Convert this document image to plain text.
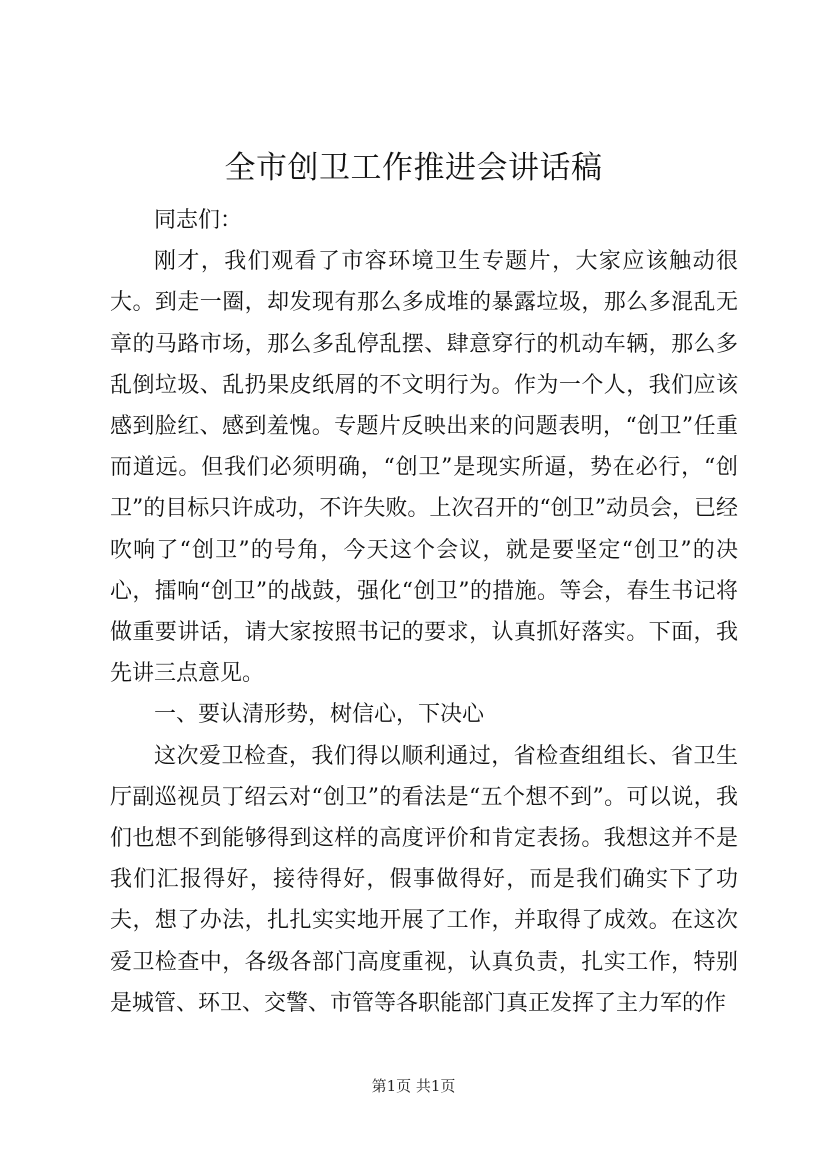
全市创卫工作推进会讲话稿

同志们：

刚才，我们观看了市容环境卫生专题片，大家应该触动很大。到走一圈，却发现有那么多成堆的暴露垃圾，那么多混乱无章的马路市场，那么多乱停乱摆、肆意穿行的机动车辆，那么多乱倒垃圾、乱扔果皮纸屑的不文明行为。作为一个人，我们应该感到脸红、感到羞愧。专题片反映出来的问题表明，“创卫”任重而道远。但我们必须明确，“创卫”是现实所逼，势在必行，“创卫”的目标只许成功，不许失败。上次召开的“创卫”动员会，已经吹响了“创卫”的号角，今天这个会议，就是要坚定“创卫”的决心，擂响“创卫”的战鼓，强化“创卫”的措施。等会，春生书记将做重要讲话，请大家按照书记的要求，认真抓好落实。下面，我先讲三点意见。

一、要认清形势，树信心，下决心

这次爱卫检查，我们得以顺利通过，省检查组组长、省卫生厅副巡视员丁绍云对“创卫”的看法是“五个想不到”。可以说，我们也想不到能够得到这样的高度评价和肯定表扬。我想这并不是我们汇报得好，接待得好，假事做得好，而是我们确实下了功夫，想了办法，扎扎实实地开展了工作，并取得了成效。在这次爱卫检查中，各级各部门高度重视，认真负责，扎实工作，特别是城管、环卫、交警、市管等各职能部门真正发挥了主力军的作

第1页 共1页
